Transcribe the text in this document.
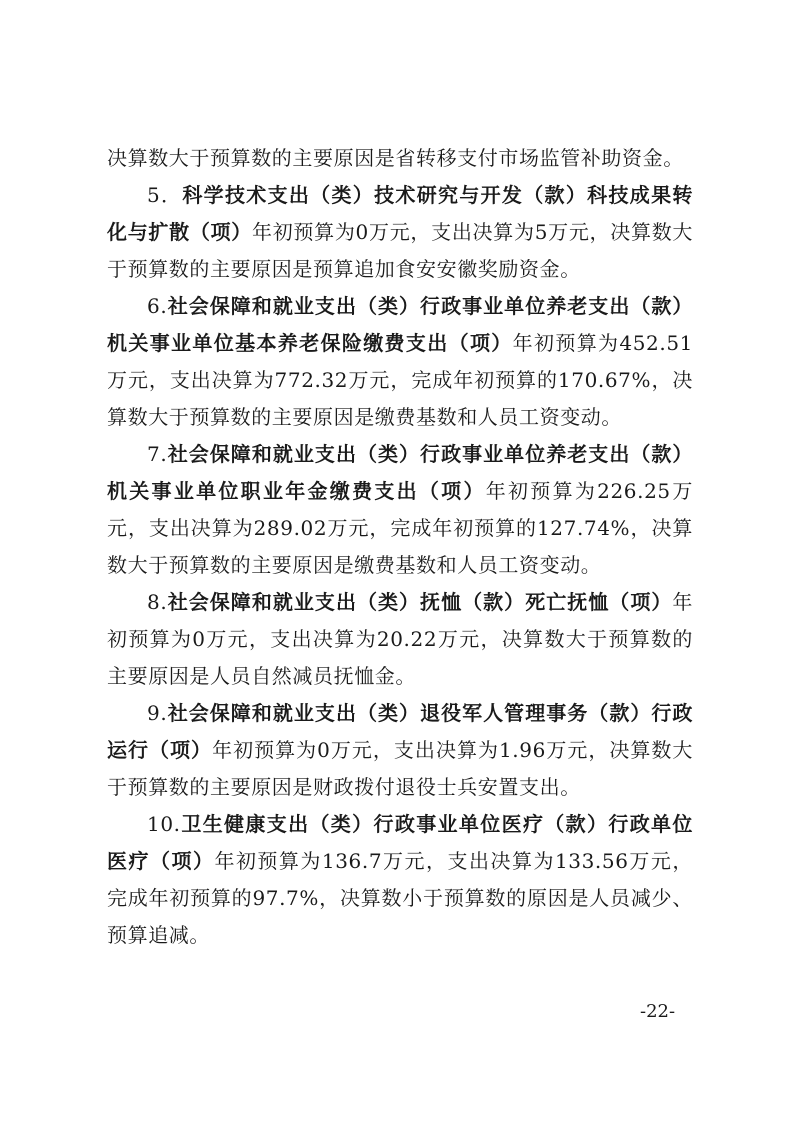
决算数大于预算数的主要原因是省转移支付市场监管补助资金。

5．科学技术支出（类）技术研究与开发（款）科技成果转化与扩散（项）年初预算为0万元，支出决算为5万元，决算数大于预算数的主要原因是预算追加食安安徽奖励资金。

6.社会保障和就业支出（类）行政事业单位养老支出（款）机关事业单位基本养老保险缴费支出（项）年初预算为452.51万元，支出决算为772.32万元，完成年初预算的170.67%，决算数大于预算数的主要原因是缴费基数和人员工资变动。

7.社会保障和就业支出（类）行政事业单位养老支出（款）机关事业单位职业年金缴费支出（项）年初预算为226.25万元，支出决算为289.02万元，完成年初预算的127.74%，决算数大于预算数的主要原因是缴费基数和人员工资变动。

8.社会保障和就业支出（类）抚恤（款）死亡抚恤（项）年初预算为0万元，支出决算为20.22万元，决算数大于预算数的主要原因是人员自然减员抚恤金。

9.社会保障和就业支出（类）退役军人管理事务（款）行政运行（项）年初预算为0万元，支出决算为1.96万元，决算数大于预算数的主要原因是财政拨付退役士兵安置支出。

10.卫生健康支出（类）行政事业单位医疗（款）行政单位医疗（项）年初预算为136.7万元，支出决算为133.56万元，完成年初预算的97.7%，决算数小于预算数的原因是人员减少、预算追减。

-22-
